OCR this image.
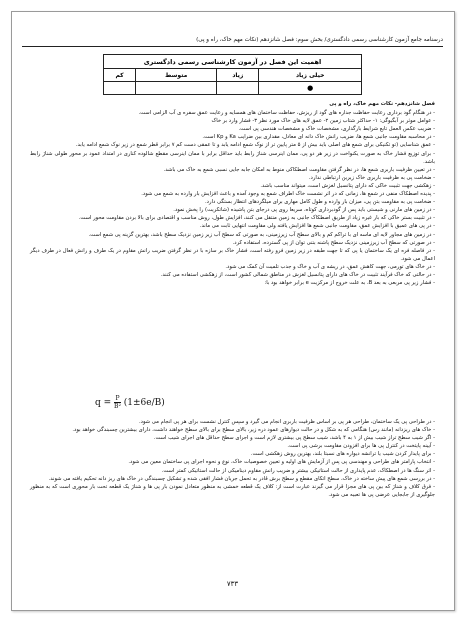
درسنامه جامع آزمون کارشناسی رسمی دادگستری/ بخش سوم: فصل شانزدهم (نکات مهم خاک، راه و پی)
اهمیت این فصل در آزمون کارشناسی رسمی دادگستری			
خیلی زیاد	زیاد	متوسط	کم
●			

فصل شانزدهم- نکات مهم خاک، راه و پی

- در هنگام گود برداری رعایت حفاظت جداره های گود از ریزش، حفاظت ساختمان های همسایه و رعایت عمق سفره ی آب الزامی است.

- عوامل موثر بر آبگیوگی: ۱- حداکثر شتاب زمین ۲- عمق لایه های خاک مورد نظر ۳- فشار وارد بر خاک

- ضریب عکس العمل تابع شرایط بارگذاری، مشخصات خاک و مشخصات هندسی پی است.

- در محاسبه مقاومت جانبی شمع ها، ضریب رانش خاک دانه ای معادل، مقداری بین ضرایب Ka و Kp است.

- عمق شناسایی (تو تکنیکی برای شمع های اصلی باید بیش از ۵ متر پایین تر از نوک شمع ادامه یابد و تا عمقی دست کم ۷ برابر قطر شمع در زیر نوک شمع ادامه یابد.

- برای توزیع فشار خاک به صورت یکنواخت در زیر هر دو پی، ممان اینرسی شناژ رابط باید حداقل برابر با ممان اینرسی مقطع شالوده کناری در امتداد عمود بر محور طولی شناژ رابط باشد.

- در تعیین ظرفیت باربری شمع ها، در نظر گرفتن مقاومت اصطکاکی منوط به امکان جابه جایی نسبی شمع به خاک می باشد.

- ضخامت پی به ظرفیت باربری خاک زیرین ارتباطی ندارد.

- زهکشی جهت تثبیت خاکی که دارای پتانسیل لغزش است، میتواند مناسب باشد.

- پدیده اصطکاک منفی در شمع ها، زمانی که در اثر نشست خاک اطراف شمع به وجود آمده و باعث افزایش بار وارده به شمع می شود.

- ضخامت پی به مقاومت بتن پی، میزان بار وارده و طول کامل مهاری برای میلگردهای انتظار بستگی دارد.

- در زمین های مارنی و شیستی باید پس از گودبرداری کوتاه، سریعا روی پی درجای بتن پاشیده (شاتکریت) را پخش نمود.

- در تثبیت بستر خاکی که بار غیره زیاد از طریق اصطکاک جانبی به زمین منتقل می کنند، افزایش طول، روش مناسب و اقتصادی برای بالا بردن مقاومت محور است.

- در پی های عمیق با افزایش عمق، مقاومت جانبی شمع ها افزایش یافته ولی مقاومت انتهایی ثابت می ماند.

- در زمین های مجاور لایه ای ماسه ای با تراکم کم و بالای سطح آب زیرزمینی، به صورتی که سطح آب زیر زمین نزدیک سطح باشد، بهترین گزینه پی شمع است.

- در صورتی که سطح آب زیرزمینی نزدیک سطح پاشنه بتنی توان از پی گسترده، استفاده کرد.

- در فاصله فره ای یک ساختمان یا پی که تا جهت طبقه در زیر زمین فرو رفته است، فشار خاک بر سازه با در نظر گرفتن ضریب رانش مقاوم در یک طرف و رانش فعال در طرف دیگر اعمال می شود.

- در خاک های تورمی، جهت کاهش عمق، در ریشه ی آب و خاک و جذب تلمیت آن کمک می شود.

- در حالتی که خاک فرآیند تثبیت در خاک های دارای پتانسیل لغزش در مناطق شمالی کشور است، از زهکشی استفاده می کنند.

- فشار زیر پی مربعی به بعد B، به علت خروج از مرکزیت e برابر خواهد بود با:

$q = \frac{P}{\text{B²}} (1\pm 6e/B)$

- در طراحی پی یک ساختمان، طراحی هر پی بر اساس ظرفیت باربری انجام می گیرد و سپس کنترل نشست برای هر پی انجام می شود.

- خاک های ریزدانه (مانند رس) هنگامی که به شکل و در حالت دیوارهای عمود دره زیر، بالای سطح برای بالای سطح خواهند داشت، دارای بیشترین چسبندگی خواهد بود.

- اگر شیب سطح تراز شیب بیش از ۱ به ۴ باشد، شیب سطح پی بیشتری لازم است و اجرای سطح حداقل های اجرای شیب است.

- آیینه پایتخت در کنترل پی ها برای افزودن مقاومت برشی پی است.

- برای پایدار کردن شیب یا ترانشه دیواره های نسبتا بلند، بهترین روش زهکشی است.

- انتخاب پارامتر های طراحی و مهندسی پی پس از آزمایش های اولیه و تعیین خصوصیات خاک، نوع و نحوه اجرای پی ساختمان معین می شود.

- اثر سنگ ها در اصطکاک، عدم پایداری از حالت استاتیکی بیشتر و ضریب رانش مقاوم دینامیکی از حالت استاتیکی کمتر است.

- در بررسی شمع های پیش ساخته در خاک، سطح اتکای مقطع و سطح برش قادر به تحمل جریان فشار افقی شده و تشکیل چسبندگی در خاک های ریز دانه تحکیم یافته می شوند.

- فرق کلاف و شناژ که بین پی های مجزا قرار می گیرند عبارت است از: کلاف یک قطعه خمشی به منظور متعادل نمودن بار پی ها و شناژ یک قطعه تحت بار محوری است که به منظور جلوگیری از جابجایی عرضی پی ها تعبیه می شود.

۷۳۳
